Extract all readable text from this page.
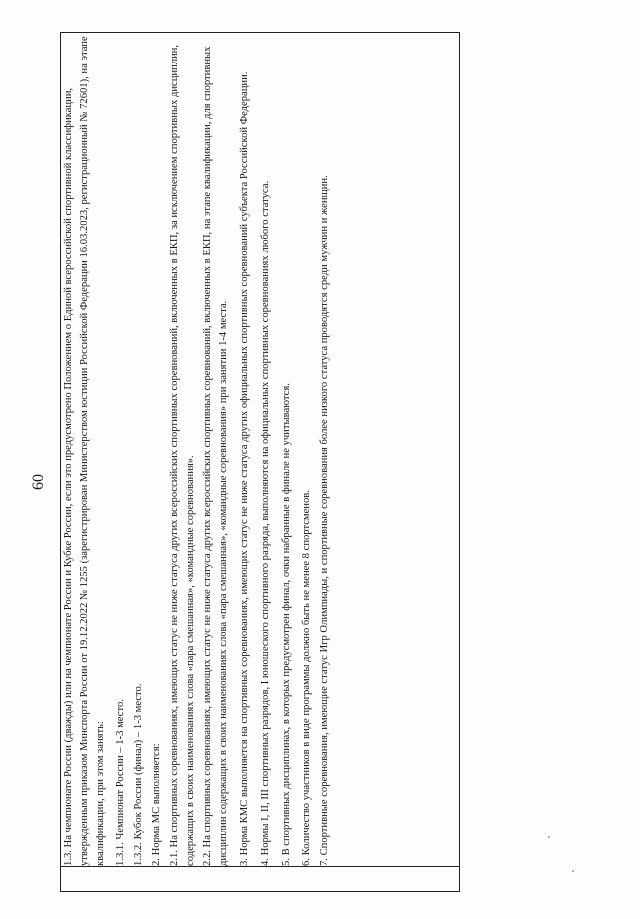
60
	1.3. На чемпионате России (дважды) или на чемпионате России и Кубке России, если это предусмотрено Положением о Единой всероссийской спортивной классификации, утвержденным приказом Минспорта России от 19.12.2022 № 1255 (зарегистрирован Министерством юстиции Российской Федерации 16.03.2023, регистрационный № 72601), на этапе квалификации, при этом занять: 1.3.1. Чемпионат России – 1-3 место. 1.3.2. Кубок России (финал) – 1-3 место. 2. Норма МС выполняется: 2.1. На спортивных соревнованиях, имеющих статус не ниже статуса других всероссийских спортивных соревнований, включенных в ЕКП, за исключением спортивных дисциплин, содержащих в своих наименованиях слова «пара смешанная», «командные соревнования». 2.2. На спортивных соревнованиях, имеющих статус не ниже статуса других всероссийских спортивных соревнований, включенных в ЕКП, на этапе квалификации, для спортивных дисциплин содержащих в своих наименованиях слова «пара смешанная», «командные соревнования» при занятии 1-4 места. 3. Норма КМС выполняется на спортивных соревнованиях, имеющих статус не ниже статуса других официальных спортивных соревнований субъекта Российской Федерации. 4. Нормы I, II, III спортивных разрядов, I юношеского спортивного разряда, выполняются на официальных спортивных соревнованиях любого статуса. 5. В спортивных дисциплинах, в которых предусмотрен финал, очки набранные в финале не учитываются. 6. Количество участников в виде программы должно быть не менее 8 спортсменов. 7. Спортивные соревнования, имеющие статус Игр Олимпиады, и спортивные соревнования более низкого статуса проводятся среди мужчин и женщин.
